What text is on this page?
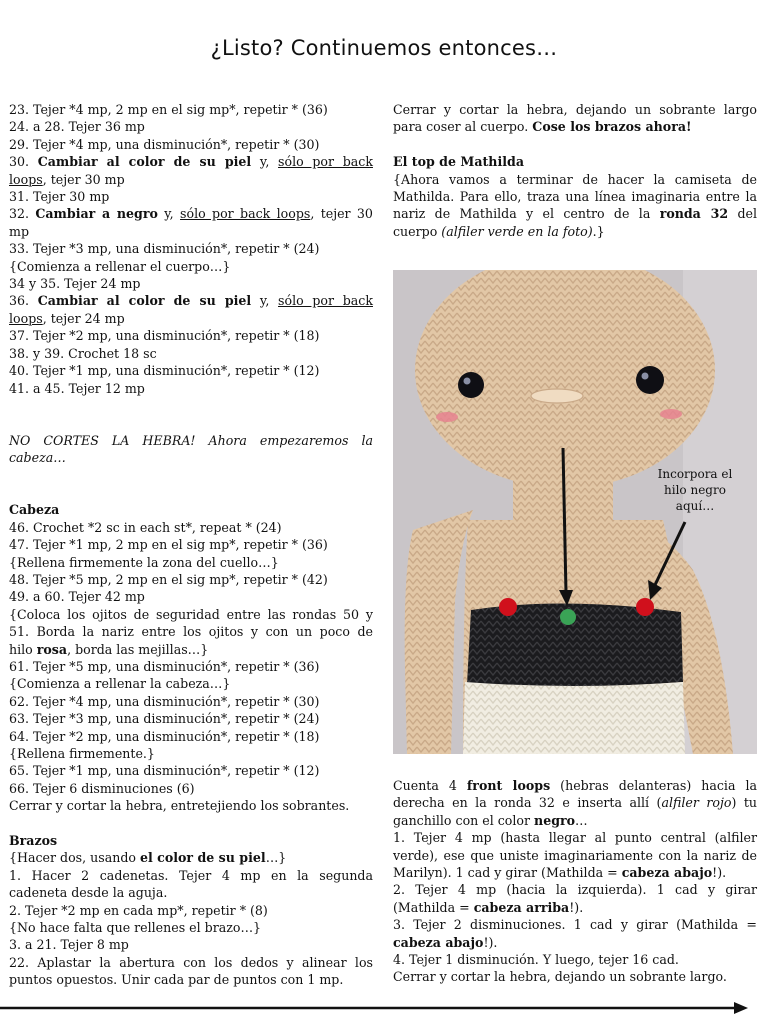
¿Listo? Continuemos entonces…
23. Tejer *4 mp, 2 mp en el sig mp*, repetir * (36)
24. a 28. Tejer 36 mp
29. Tejer *4 mp, una disminución*, repetir * (30)
30. Cambiar al color de su piel y, sólo por back
loops, tejer 30 mp
31. Tejer 30 mp
32. Cambiar a negro y, sólo por back loops, tejer 30
mp
33. Tejer *3 mp, una disminución*, repetir * (24)
{Comienza a rellenar el cuerpo…}
34 y 35. Tejer 24 mp
36. Cambiar al color de su piel y, sólo por back
loops, tejer 24 mp
37. Tejer *2 mp, una disminución*, repetir * (18)
38. y 39. Crochet 18 sc
40. Tejer *1 mp, una disminución*, repetir * (12)
41. a 45. Tejer 12 mp
NO CORTES LA HEBRA! Ahora empezaremos la
cabeza…
Cabeza
46. Crochet *2 sc in each st*, repeat * (24)
47. Tejer *1 mp, 2 mp en el sig mp*, repetir * (36)
{Rellena firmemente la zona del cuello…}
48. Tejer *5 mp, 2 mp en el sig mp*, repetir * (42)
49. a 60. Tejer 42 mp
{Coloca los ojitos de seguridad entre las rondas 50 y
51. Borda la nariz entre los ojitos y con un poco de
hilo rosa, borda las mejillas…}
61. Tejer *5 mp, una disminución*, repetir * (36)
{Comienza a rellenar la cabeza…}
62. Tejer *4 mp, una disminución*, repetir * (30)
63. Tejer *3 mp, una disminución*, repetir * (24)
64. Tejer *2 mp, una disminución*, repetir * (18)
{Rellena firmemente.}
65. Tejer *1 mp, una disminución*, repetir * (12)
66. Tejer 6 disminuciones (6)
Cerrar y cortar la hebra, entretejiendo los sobrantes.
Brazos
{Hacer dos, usando el color de su piel…}
1. Hacer 2 cadenetas. Tejer 4 mp en la segunda
cadeneta desde la aguja.
2. Tejer *2 mp en cada mp*, repetir * (8)
{No hace falta que rellenes el brazo…}
3. a 21. Tejer 8 mp
22. Aplastar la abertura con los dedos y alinear los
puntos opuestos. Unir cada par de puntos con 1 mp.
Cerrar y cortar la hebra, dejando un sobrante largo
para coser al cuerpo. Cose los brazos ahora!
El top de Mathilda
{Ahora vamos a terminar de hacer la camiseta de
Mathilda. Para ello, traza una línea imaginaria entre la
nariz de Mathilda y el centro de la ronda 32 del
cuerpo (alfiler verde en la foto).}
Incorpora el
hilo negro
aquí…
Cuenta 4 front loops (hebras delanteras) hacia la
derecha en la ronda 32 e inserta allí (alfiler rojo) tu
ganchillo con el color negro…
1. Tejer 4 mp (hasta llegar al punto central (alfiler
verde), ese que uniste imaginariamente con la nariz de
Marilyn). 1 cad y girar (Mathilda = cabeza abajo!).
2. Tejer 4 mp (hacia la izquierda). 1 cad y girar
(Mathilda = cabeza arriba!).
3. Tejer 2 disminuciones. 1 cad y girar (Mathilda =
cabeza abajo!).
4. Tejer 1 disminución. Y luego, tejer 16 cad.
Cerrar y cortar la hebra, dejando un sobrante largo.
